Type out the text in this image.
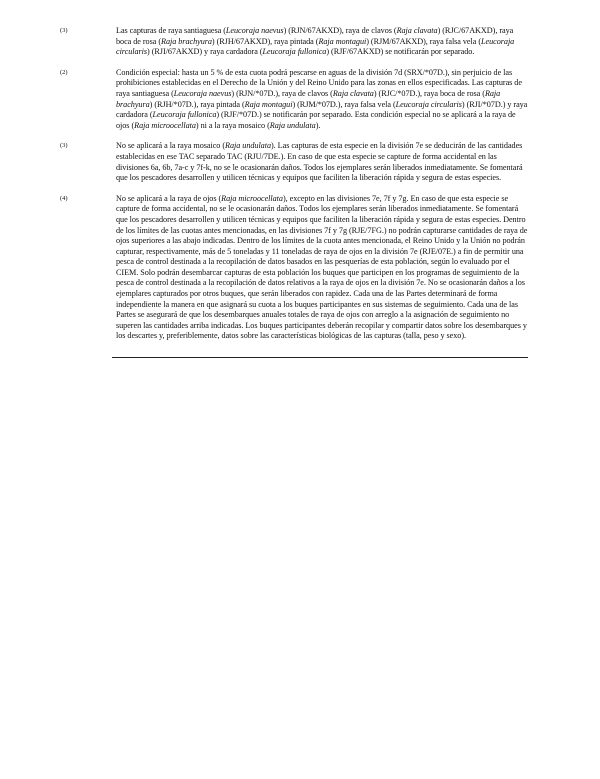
(3)	Las capturas de raya santiaguesa (Leucoraja naevus) (RJN/67AKXD), raya de clavos (Raja clavata) (RJC/67AKXD), raya boca de rosa (Raja brachyura) (RJH/67AKXD), raya pintada (Raja montagui) (RJM/67AKXD), raya falsa vela (Leucoraja circularis) (RJI/67AKXD) y raya cardadora (Leucoraja fullonica) (RJF/67AKXD) se notificarán por separado.
(2)	Condición especial: hasta un 5 % de esta cuota podrá pescarse en aguas de la división 7d (SRX/*07D.), sin perjuicio de las prohibiciones establecidas en el Derecho de la Unión y del Reino Unido para las zonas en ellos especificadas. Las capturas de raya santiaguesa (Leucoraja naevus) (RJN/*07D.), raya de clavos (Raja clavata) (RJC/*07D.), raya boca de rosa (Raja brachyura) (RJH/*07D.), raya pintada (Raja montagui) (RJM/*07D.), raya falsa vela (Leucoraja circularis) (RJI/*07D.) y raya cardadora (Leucoraja fullonica) (RJF/*07D.) se notificarán por separado. Esta condición especial no se aplicará a la raya de ojos (Raja microocellata) ni a la raya mosaico (Raja undulata).
(3)	No se aplicará a la raya mosaico (Raja undulata). Las capturas de esta especie en la división 7e se deducirán de las cantidades establecidas en ese TAC separado TAC (RJU/7DE.). En caso de que esta especie se capture de forma accidental en las divisiones 6a, 6b, 7a-c y 7f-k, no se le ocasionarán daños. Todos los ejemplares serán liberados inmediatamente. Se fomentará que los pescadores desarrollen y utilicen técnicas y equipos que faciliten la liberación rápida y segura de estas especies.
(4)	No se aplicará a la raya de ojos (Raja microocellata), excepto en las divisiones 7e, 7f y 7g. En caso de que esta especie se capture de forma accidental, no se le ocasionarán daños. Todos los ejemplares serán liberados inmediatamente. Se fomentará que los pescadores desarrollen y utilicen técnicas y equipos que faciliten la liberación rápida y segura de estas especies. Dentro de los límites de las cuotas antes mencionadas, en las divisiones 7f y 7g (RJE/7FG.) no podrán capturarse cantidades de raya de ojos superiores a las abajo indicadas. Dentro de los límites de la cuota antes mencionada, el Reino Unido y la Unión no podrán capturar, respectivamente, más de 5 toneladas y 11 toneladas de raya de ojos en la división 7e (RJE/07E.) a fin de permitir una pesca de control destinada a la recopilación de datos basados en las pesquerías de esta población, según lo evaluado por el CIEM. Solo podrán desembarcar capturas de esta población los buques que participen en los programas de seguimiento de la pesca de control destinada a la recopilación de datos relativos a la raya de ojos en la división 7e. No se ocasionarán daños a los ejemplares capturados por otros buques, que serán liberados con rapidez. Cada una de las Partes determinará de forma independiente la manera en que asignará su cuota a los buques participantes en sus sistemas de seguimiento. Cada una de las Partes se asegurará de que los desembarques anuales totales de raya de ojos con arreglo a la asignación de seguimiento no superen las cantidades arriba indicadas. Los buques participantes deberán recopilar y compartir datos sobre los desembarques y los descartes y, preferiblemente, datos sobre las características biológicas de las capturas (talla, peso y sexo).
